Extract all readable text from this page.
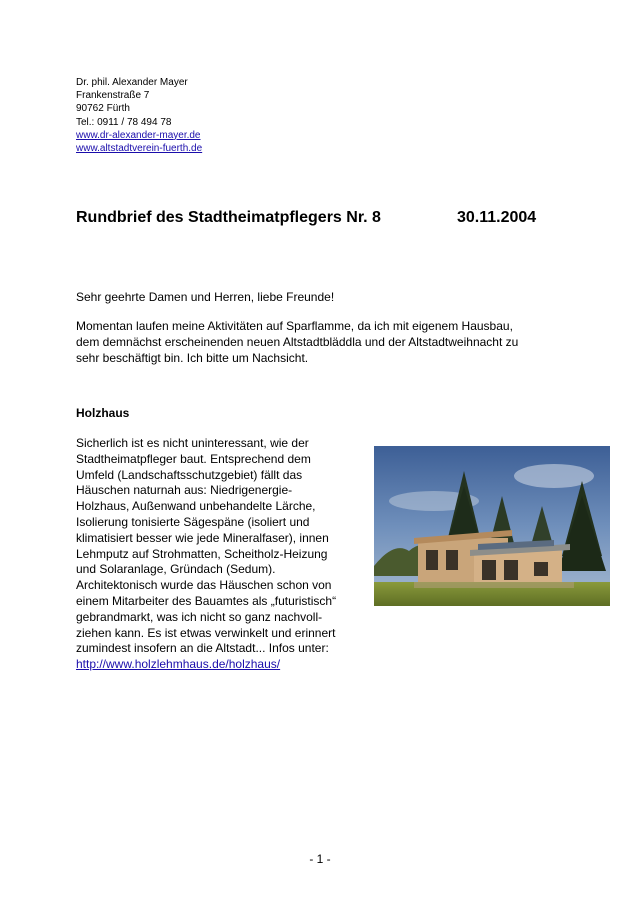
Dr. phil. Alexander Mayer
Frankenstraße 7
90762 Fürth
Tel.: 0911 / 78 494 78
www.dr-alexander-mayer.de
www.altstadtverein-fuerth.de
Rundbrief des Stadtheimatpflegers Nr. 8	30.11.2004
Sehr geehrte Damen und Herren, liebe Freunde!
Momentan laufen meine Aktivitäten auf Sparflamme, da ich mit eigenem Hausbau,
dem demnächst erscheinenden neuen Altstadtbläddla und der Altstadtweihnacht zu
sehr beschäftigt bin. Ich bitte um Nachsicht.
Holzhaus
Sicherlich ist es nicht uninteressant, wie der
Stadtheimatpfleger baut. Entsprechend dem
Umfeld (Landschaftsschutzgebiet) fällt das
Häuschen naturnah aus: Niedrigenergie-
Holzhaus, Außenwand unbehandelte Lärche,
Isolierung tonisierte Sägespäne (isoliert und
klimatisiert besser wie jede Mineralfaser), innen
Lehmputz auf Strohmatten, Scheitholz-Heizung
und Solaranlage, Gründach (Sedum).
Architektonisch wurde das Häuschen schon von
einem Mitarbeiter des Bauamtes als „futuristisch“
gebrandmarkt, was ich nicht so ganz nachvoll-
ziehen kann. Es ist etwas verwinkelt und erinnert
zumindest insofern an die Altstadt... Infos unter:
http://www.holzlehmhaus.de/holzhaus/
- 1 -
